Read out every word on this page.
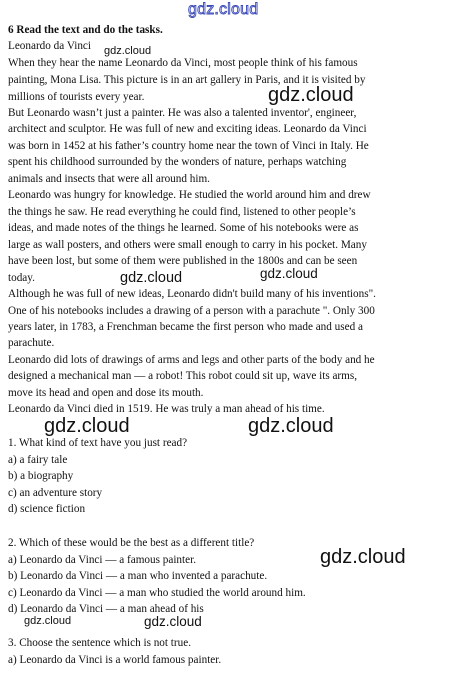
gdz.cloud
6 Read the text and do the tasks.
Leonardo da Vinci
When they hear the name Leonardo da Vinci, most people think of his famous
painting, Mona Lisa. This picture is in an art gallery in Paris, and it is visited by
millions of tourists every year.
But Leonardo wasn’t just a painter. He was also a talented inventor', engineer,
architect and sculptor. He was full of new and exciting ideas. Leonardo da Vinci
was born in 1452 at his father’s country home near the town of Vinci in Italy. He
spent his childhood surrounded by the wonders of nature, perhaps watching
animals and insects that were all around him.
Leonardo was hungry for knowledge. He studied the world around him and drew
the things he saw. He read everything he could find, listened to other people’s
ideas, and made notes of the things he learned. Some of his notebooks were as
large as wall posters, and others were small enough to carry in his pocket. Many
have been lost, but some of them were published in the 1800s and can be seen
today.
Although he was full of new ideas, Leonardo didn't build many of his inventions".
One of his notebooks includes a drawing of a person with a parachute ". Only 300
years later, in 1783, a Frenchman became the first person who made and used a
parachute.
Leonardo did lots of drawings of arms and legs and other parts of the body and he
designed a mechanical man — a robot! This robot could sit up, wave its arms,
move its head and open and dose its mouth.
Leonardo da Vinci died in 1519. He was truly a man ahead of his time.
1. What kind of text have you just read?
a) a fairy tale
b) a biography
c) an adventure story
d) science fiction
2. Which of these would be the best as a different title?
a) Leonardo da Vinci — a famous painter.
b) Leonardo da Vinci — a man who invented a parachute.
c) Leonardo da Vinci — a man who studied the world around him.
d) Leonardo da Vinci — a man ahead of his
3. Choose the sentence which is not true.
a) Leonardo da Vinci is a world famous painter.
gdz.cloud
gdz.cloud
gdz.cloud	gdz.cloud
gdz.cloud	gdz.cloud
gdz.cloud
gdz.cloud	gdz.cloud
